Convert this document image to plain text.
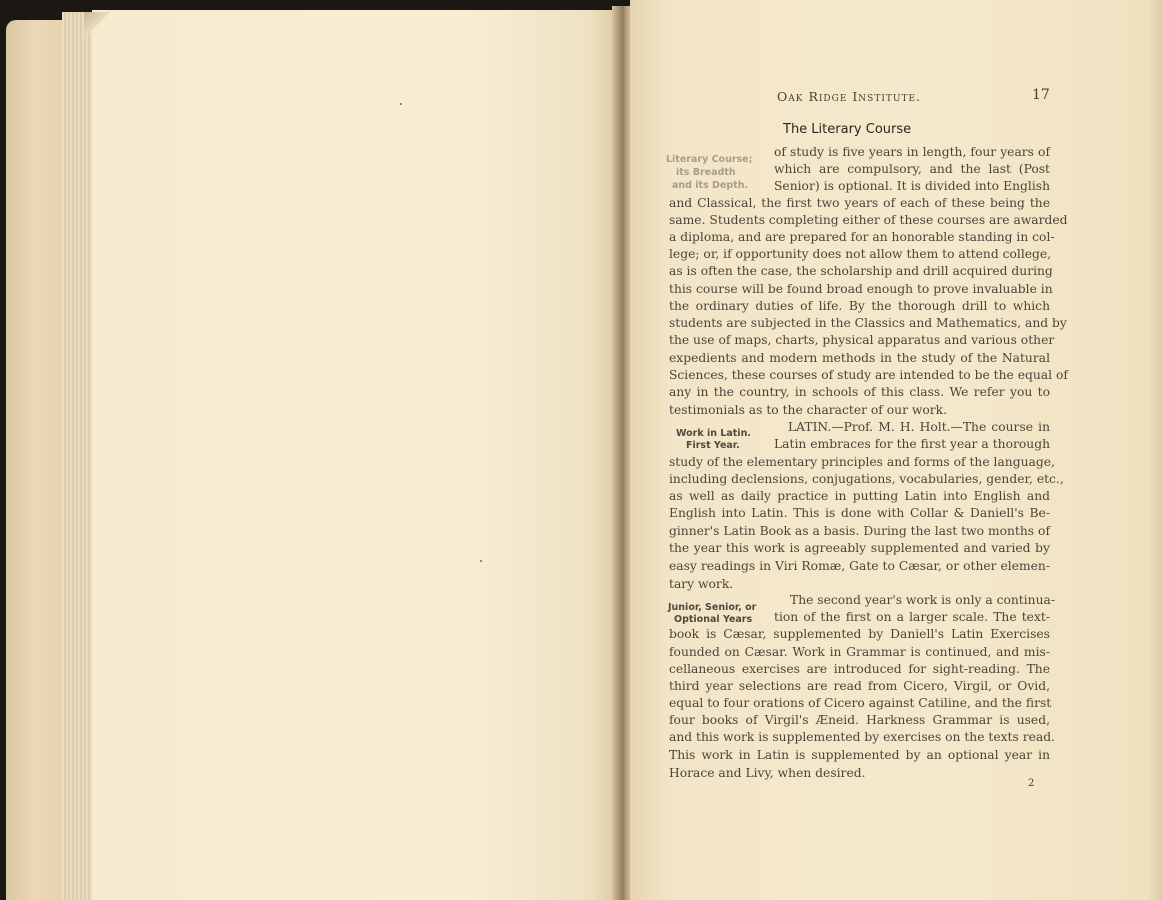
Oak Ridge Institute.	17
The Literary Course
Literary Course;
its Breadth
and its Depth.
Work in Latin.
First Year.
Junior, Senior, or
Optional Years
of study is five years in length, four years of
which are compulsory, and the last (Post
Senior) is optional. It is divided into English
and Classical, the first two years of each of these being the
same. Students completing either of these courses are awarded
a diploma, and are prepared for an honorable standing in col-
lege; or, if opportunity does not allow them to attend college,
as is often the case, the scholarship and drill acquired during
this course will be found broad enough to prove invaluable in
the ordinary duties of life. By the thorough drill to which
students are subjected in the Classics and Mathematics, and by
the use of maps, charts, physical apparatus and various other
expedients and modern methods in the study of the Natural
Sciences, these courses of study are intended to be the equal of
any in the country, in schools of this class. We refer you to
testimonials as to the character of our work.
LATIN.—Prof. M. H. Holt.—The course in
Latin embraces for the first year a thorough
study of the elementary principles and forms of the language,
including declensions, conjugations, vocabularies, gender, etc.,
as well as daily practice in putting Latin into English and
English into Latin. This is done with Collar & Daniell's Be-
ginner's Latin Book as a basis. During the last two months of
the year this work is agreeably supplemented and varied by
easy readings in Viri Romæ, Gate to Cæsar, or other elemen-
tary work.
The second year's work is only a continua-
tion of the first on a larger scale. The text-
book is Cæsar, supplemented by Daniell's Latin Exercises
founded on Cæsar. Work in Grammar is continued, and mis-
cellaneous exercises are introduced for sight-reading. The
third year selections are read from Cicero, Virgil, or Ovid,
equal to four orations of Cicero against Catiline, and the first
four books of Virgil's Æneid. Harkness Grammar is used,
and this work is supplemented by exercises on the texts read.
This work in Latin is supplemented by an optional year in
Horace and Livy, when desired.
2
